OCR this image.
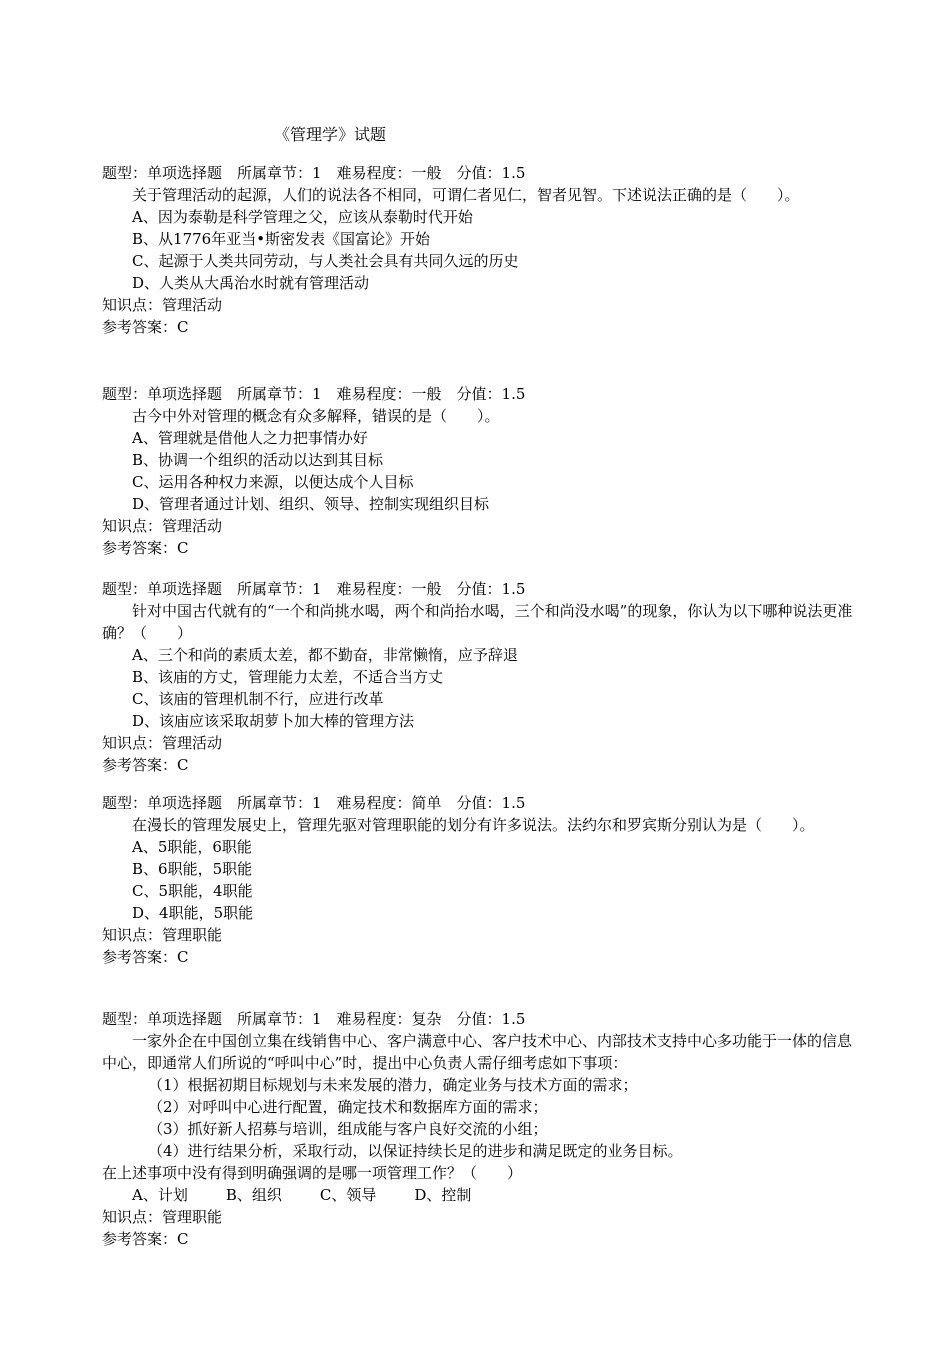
《管理学》试题
题型：单项选择题　所属章节：1　难易程度：一般　分值：1.5
关于管理活动的起源，人们的说法各不相同，可谓仁者见仁，智者见智。下述说法正确的是（　　）。
A、因为泰勒是科学管理之父，应该从泰勒时代开始
B、从1776年亚当•斯密发表《国富论》开始
C、起源于人类共同劳动，与人类社会具有共同久远的历史
D、人类从大禹治水时就有管理活动
知识点：管理活动
参考答案：C
题型：单项选择题　所属章节：1　难易程度：一般　分值：1.5
古今中外对管理的概念有众多解释，错误的是（　　）。
A、管理就是借他人之力把事情办好
B、协调一个组织的活动以达到其目标
C、运用各种权力来源，以便达成个人目标
D、管理者通过计划、组织、领导、控制实现组织目标
知识点：管理活动
参考答案：C
题型：单项选择题　所属章节：1　难易程度：一般　分值：1.5
针对中国古代就有的“一个和尚挑水喝，两个和尚抬水喝，三个和尚没水喝”的现象，你认为以下哪种说法更准确？（　　）
A、三个和尚的素质太差，都不勤奋，非常懒惰，应予辞退
B、该庙的方丈，管理能力太差，不适合当方丈
C、该庙的管理机制不行，应进行改革
D、该庙应该采取胡萝卜加大棒的管理方法
知识点：管理活动
参考答案：C
题型：单项选择题　所属章节：1　难易程度：简单　分值：1.5
在漫长的管理发展史上，管理先驱对管理职能的划分有许多说法。法约尔和罗宾斯分别认为是（　　）。
A、5职能，6职能
B、6职能，5职能
C、5职能，4职能
D、4职能，5职能
知识点：管理职能
参考答案：C
题型：单项选择题　所属章节：1　难易程度：复杂　分值：1.5
一家外企在中国创立集在线销售中心、客户满意中心、客户技术中心、内部技术支持中心多功能于一体的信息中心，即通常人们所说的“呼叫中心”时，提出中心负责人需仔细考虑如下事项：
（1）根据初期目标规划与未来发展的潜力，确定业务与技术方面的需求；
（2）对呼叫中心进行配置，确定技术和数据库方面的需求；
（3）抓好新人招募与培训，组成能与客户良好交流的小组；
（4）进行结果分析，采取行动，以保证持续长足的进步和满足既定的业务目标。
在上述事项中没有得到明确强调的是哪一项管理工作？（　　）
A、计划	B、组织	C、领导	D、控制
知识点：管理职能
参考答案：C
